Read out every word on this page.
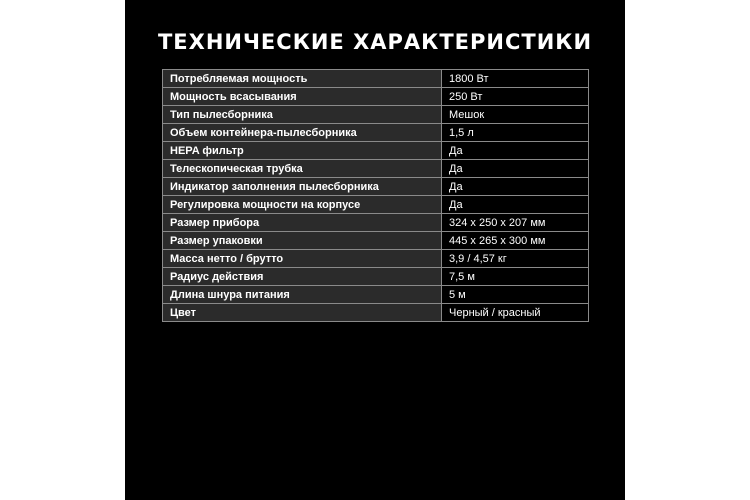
ТЕХНИЧЕСКИЕ ХАРАКТЕРИСТИКИ
Потребляемая мощность	1800 Вт
Мощность всасывания	250 Вт
Тип пылесборника	Мешок
Объем контейнера-пылесборника	1,5 л
HEPA фильтр	Да
Телескопическая трубка	Да
Индикатор заполнения пылесборника	Да
Регулировка мощности на корпусе	Да
Размер прибора	324 х 250 х 207 мм
Размер упаковки	445 х 265 х 300 мм
Масса нетто / брутто	3,9 / 4,57 кг
Радиус действия	7,5 м
Длина шнура питания	5 м
Цвет	Черный / красный
